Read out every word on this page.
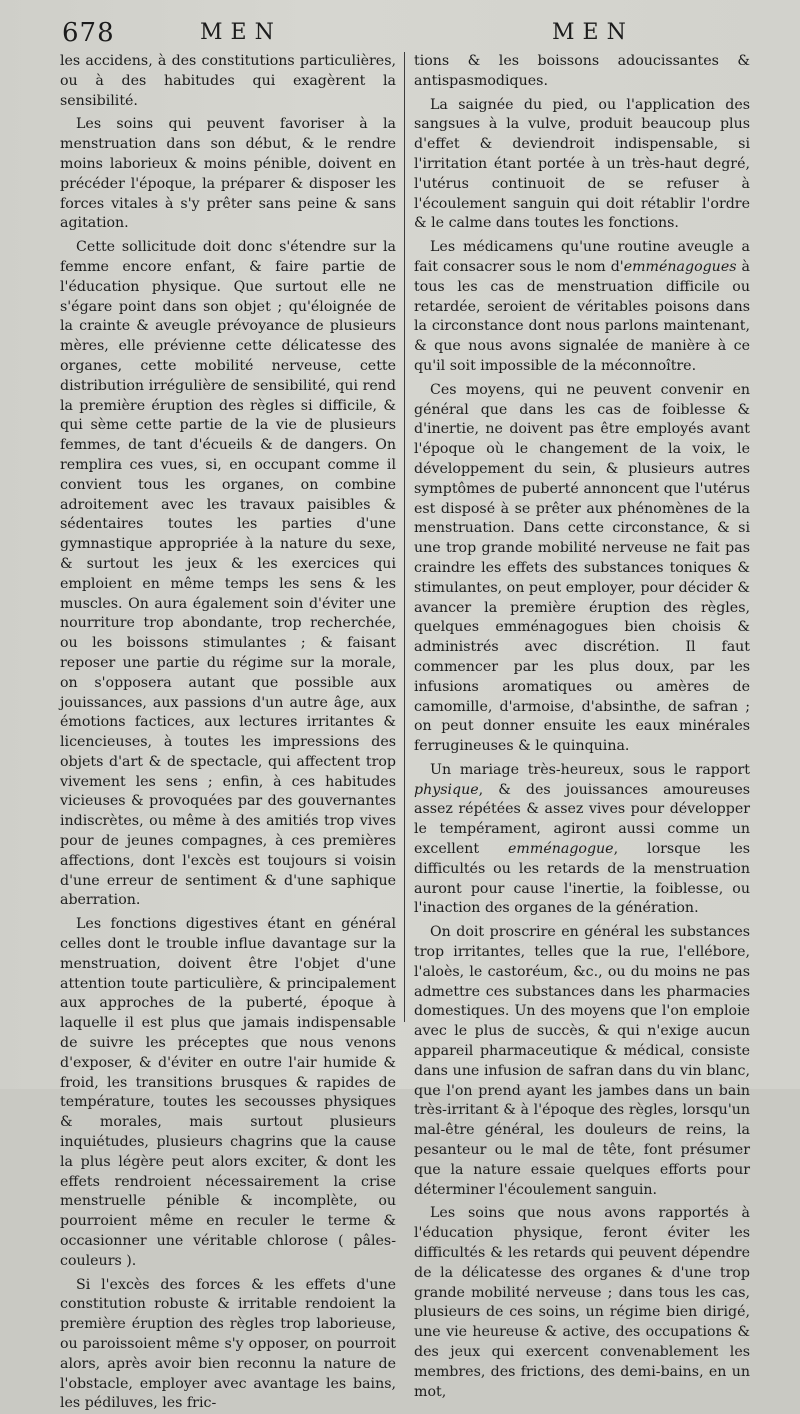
678	MEN	MEN

les accidens, à des constitutions particulières, ou à des habitudes qui exagèrent la sensibilité.

Les soins qui peuvent favoriser à la menstruation dans son début, & le rendre moins laborieux & moins pénible, doivent en précéder l'époque, la préparer & disposer les forces vitales à s'y prêter sans peine & sans agitation.

Cette sollicitude doit donc s'étendre sur la femme encore enfant, & faire partie de l'éducation physique. Que surtout elle ne s'égare point dans son objet ; qu'éloignée de la crainte & aveugle prévoyance de plusieurs mères, elle prévienne cette délicatesse des organes, cette mobilité nerveuse, cette distribution irrégulière de sensibilité, qui rend la première éruption des règles si difficile, & qui sème cette partie de la vie de plusieurs femmes, de tant d'écueils & de dangers. On remplira ces vues, si, en occupant comme il convient tous les organes, on combine adroitement avec les travaux paisibles & sédentaires toutes les parties d'une gymnastique appropriée à la nature du sexe, & surtout les jeux & les exercices qui emploient en même temps les sens & les muscles. On aura également soin d'éviter une nourriture trop abondante, trop recherchée, ou les boissons stimulantes ; & faisant reposer une partie du régime sur la morale, on s'opposera autant que possible aux jouissances, aux passions d'un autre âge, aux émotions factices, aux lectures irritantes & licencieuses, à toutes les impressions des objets d'art & de spectacle, qui affectent trop vivement les sens ; enfin, à ces habitudes vicieuses & provoquées par des gouvernantes indiscrètes, ou même à des amitiés trop vives pour de jeunes compagnes, à ces premières affections, dont l'excès est toujours si voisin d'une erreur de sentiment & d'une saphique aberration.

Les fonctions digestives étant en général celles dont le trouble influe davantage sur la menstruation, doivent être l'objet d'une attention toute particulière, & principalement aux approches de la puberté, époque à laquelle il est plus que jamais indispensable de suivre les préceptes que nous venons d'exposer, & d'éviter en outre l'air humide & froid, les transitions brusques & rapides de température, toutes les secousses physiques & morales, mais surtout plusieurs inquiétudes, plusieurs chagrins que la cause la plus légère peut alors exciter, & dont les effets rendroient nécessairement la crise menstruelle pénible & incomplète, ou pourroient même en reculer le terme & occasionner une véritable chlorose ( pâles-couleurs ).

Si l'excès des forces & les effets d'une constitution robuste & irritable rendoient la première éruption des règles trop laborieuse, ou paroissoient même s'y opposer, on pourroit alors, après avoir bien reconnu la nature de l'obstacle, employer avec avantage les bains, les pédiluves, les fric-

tions & les boissons adoucissantes & antispasmodiques.

La saignée du pied, ou l'application des sangsues à la vulve, produit beaucoup plus d'effet & deviendroit indispensable, si l'irritation étant portée à un très-haut degré, l'utérus continuoit de se refuser à l'écoulement sanguin qui doit rétablir l'ordre & le calme dans toutes les fonctions.

Les médicamens qu'une routine aveugle a fait consacrer sous le nom d'emménagogues à tous les cas de menstruation difficile ou retardée, seroient de véritables poisons dans la circonstance dont nous parlons maintenant, & que nous avons signalée de manière à ce qu'il soit impossible de la méconnoître.

Ces moyens, qui ne peuvent convenir en général que dans les cas de foiblesse & d'inertie, ne doivent pas être employés avant l'époque où le changement de la voix, le développement du sein, & plusieurs autres symptômes de puberté annoncent que l'utérus est disposé à se prêter aux phénomènes de la menstruation. Dans cette circonstance, & si une trop grande mobilité nerveuse ne fait pas craindre les effets des substances toniques & stimulantes, on peut employer, pour décider & avancer la première éruption des règles, quelques emménagogues bien choisis & administrés avec discrétion. Il faut commencer par les plus doux, par les infusions aromatiques ou amères de camomille, d'armoise, d'absinthe, de safran ; on peut donner ensuite les eaux minérales ferrugineuses & le quinquina.

Un mariage très-heureux, sous le rapport physique, & des jouissances amoureuses assez répétées & assez vives pour développer le tempérament, agiront aussi comme un excellent emménagogue, lorsque les difficultés ou les retards de la menstruation auront pour cause l'inertie, la foiblesse, ou l'inaction des organes de la génération.

On doit proscrire en général les substances trop irritantes, telles que la rue, l'ellébore, l'aloès, le castoréum, &c., ou du moins ne pas admettre ces substances dans les pharmacies domestiques. Un des moyens que l'on emploie avec le plus de succès, & qui n'exige aucun appareil pharmaceutique & médical, consiste dans une infusion de safran dans du vin blanc, que l'on prend ayant les jambes dans un bain très-irritant & à l'époque des règles, lorsqu'un mal-être général, les douleurs de reins, la pesanteur ou le mal de tête, font présumer que la nature essaie quelques efforts pour déterminer l'écoulement sanguin.

Les soins que nous avons rapportés à l'éducation physique, feront éviter les difficultés & les retards qui peuvent dépendre de la délicatesse des organes & d'une trop grande mobilité nerveuse ; dans tous les cas, plusieurs de ces soins, un régime bien dirigé, une vie heureuse & active, des occupations & des jeux qui exercent convenablement les membres, des frictions, des demi-bains, en un mot,
